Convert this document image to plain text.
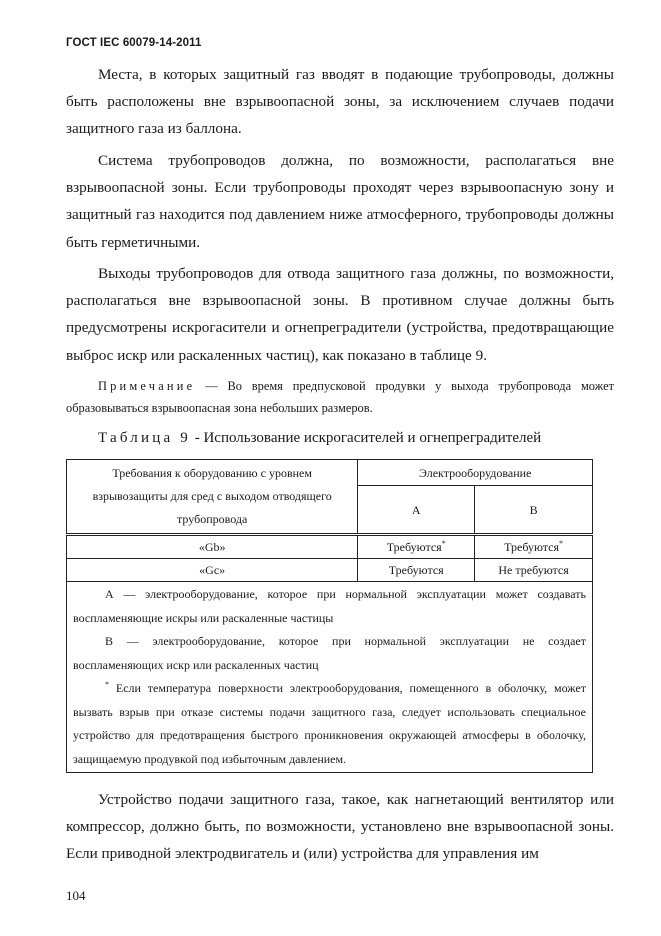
ГОСТ IEC 60079-14-2011

Места, в которых защитный газ вводят в подающие трубопроводы, должны быть расположены вне взрывоопасной зоны, за исключением случаев подачи защитного газа из баллона.

Система трубопроводов должна, по возможности, располагаться вне взрывоопасной зоны. Если трубопроводы проходят через взрывоопасную зону и защитный газ находится под давлением ниже атмосферного, трубопроводы должны быть герметичными.

Выходы трубопроводов для отвода защитного газа должны, по возможности, располагаться вне взрывоопасной зоны. В противном случае должны быть предусмотрены искрогасители и огнепреградители (устройства, предотвращающие выброс искр или раскаленных частиц), как показано в таблице 9.

Примечание — Во время предпусковой продувки у выхода трубопровода может образовываться взрывоопасная зона небольших размеров.

Таблица 9 - Использование искрогасителей и огнепреградителей
Требования к оборудованию с уровнем взрывозащиты для сред с выходом отводящего трубопровода	Электрооборудование	
	А	В
«Gb»	Требуются*	Требуются*
«Gc»	Требуются	Не требуются

А — электрооборудование, которое при нормальной эксплуатации может создавать воспламеняющие искры или раскаленные частицы

В — электрооборудование, которое при нормальной эксплуатации не создает воспламеняющих искр или раскаленных частиц

* Если температура поверхности электрооборудования, помещенного в оболочку, может вызвать взрыв при отказе системы подачи защитного газа, следует использовать специальное устройство для предотвращения быстрого проникновения окружающей атмосферы в оболочку, защищаемую продувкой под избыточным давлением.		

Устройство подачи защитного газа, такое, как нагнетающий вентилятор или компрессор, должно быть, по возможности, установлено вне взрывоопасной зоны. Если приводной электродвигатель и (или) устройства для управления им

104
